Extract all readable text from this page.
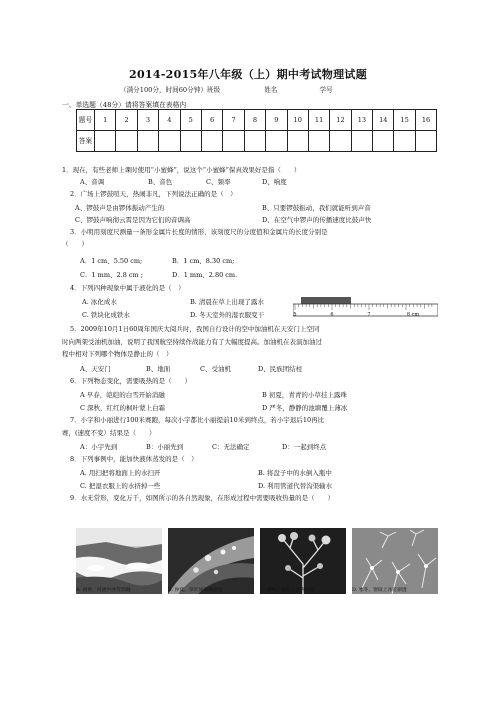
2014-2015年八年级（上）期中考试物理试题
（满分100分，时间60分钟）班级	姓名	学号
一、单选题（48分）请将答案填在表格内
题号	1	2	3	4	5	6	7	8	9	10	11	12	13	14	15	16
答案																
1．现在，有些老师上课时使用“小蜜蜂”，说这个“小蜜蜂”保真效果好是指（　　）
A、音调	B、音色	C、频率	D、响度
2．广场上锣鼓喧天，热闹非凡，下列说法正确的是（　）
A、锣鼓声是由锣体振动产生的	B、只要锣鼓振动，我们就能听到声音
C、锣鼓声响彻云霄是因为它们的音调高	D、在空气中锣声的传播速度比鼓声快
3．小明用刻度尺测量一条形金属片长度的情形，该刻度尺的分度值和金属片的长度分别是
（　　）
A．1 cm、5.50 cm;	B．1 cm、8.30 cm;
C．1 mm、2.8 cm ;	D．1 mm、2.80 cm.
5	6	7	8 cm
4．下列四种现象中属于液化的是（　）
A. 冰化成水	B. 清晨在草上出现了露水
C. 铁块化成铁水	D. 冬天室外的湿衣服变干
5．2009年10月1日60周年国庆大阅兵时，我国自行设计的空中加油机在天安门上空同
时向两架受油机加油，说明了我国航空持续作战能力有了大幅度提高。加油机在表演加油过
程中相对下列哪个物体是静止的（　）
A、天安门	B、地面	C、受油机	D、民族团结柱
6．下列物态变化，需要吸热的是（　　）
A 早春，皑皑的白雪开始消融	B 初夏，青青的小草挂上露珠
C 深秋，红红的枫叶蒙上白霜	D 严冬，静静的池塘覆上薄冰
7．小宇和小丽进行100米赛跑，每次小宇都比小丽提前10米到终点，若小宇退后10再比
赛，(速度不变）结果是（　　）
A：小宇先到	B：小丽先到	C：无法确定	D：一起到终点
8．下列事例中，能加快液体蒸发的是（　）
A. 用扫把将地面上的水扫开	B. 将盘子中的水倒入瓶中
C. 把湿衣服上的水挤掉一些	D. 利用管道代替沟渠输水
9．水无常形，变化万千，如图所示的各自然现象，在形成过程中需要吸收热量的是（　　）
A. 初春，河流中冰雪消融	B. 仲夏，草叶间露珠晶莹	C. 深秋，枝头上挂满白霜	D. 寒冬，窗玻上冰花剔透
